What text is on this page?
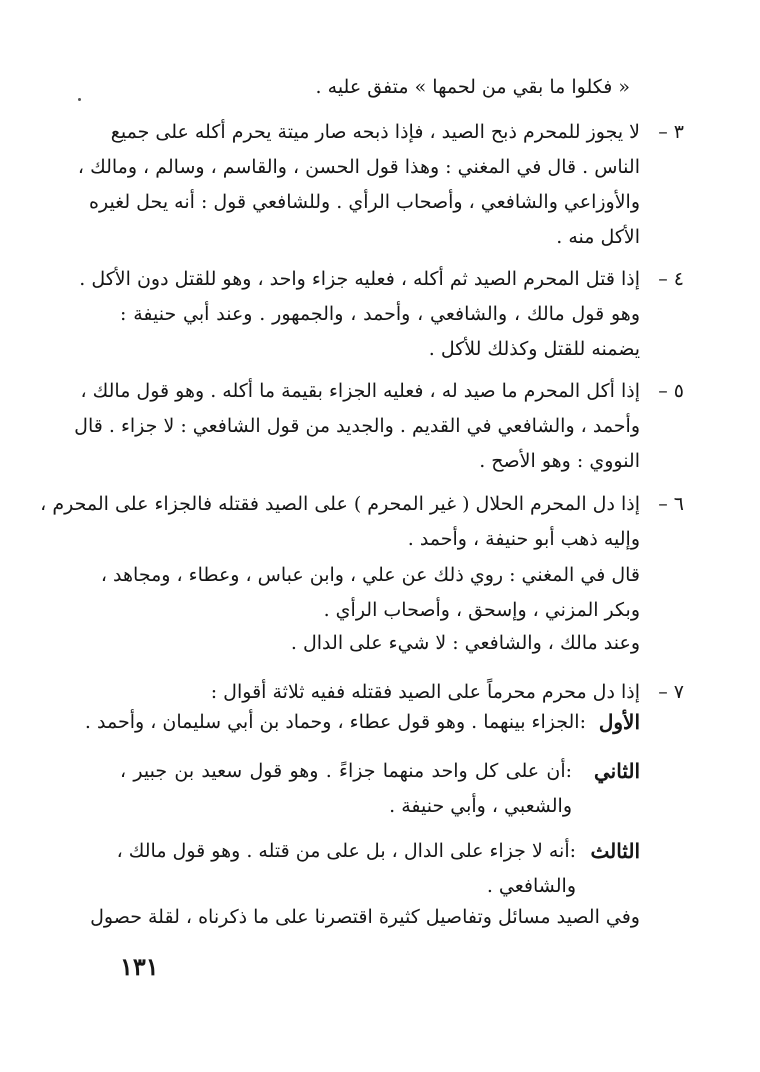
« فكلوا ما بقي من لحمها » متفق عليه .
٣ –
لا يجوز للمحرم ذبح الصيد ، فإذا ذبحه صار ميتة يحرم أكله على جميع
الناس . قال في المغني : وهذا قول الحسن ، والقاسم ، وسالم ، ومالك ،
والأوزاعي والشافعي ، وأصحاب الرأي . وللشافعي قول : أنه يحل لغيره
الأكل منه .
٤ –
إذا قتل المحرم الصيد ثم أكله ، فعليه جزاء واحد ، وهو للقتل دون الأكل .
وهو قول مالك ، والشافعي ، وأحمد ، والجمهور . وعند أبي حنيفة :
يضمنه للقتل وكذلك للأكل .
٥ –
إذا أكل المحرم ما صيد له ، فعليه الجزاء بقيمة ما أكله . وهو قول مالك ،
وأحمد ، والشافعي في القديم . والجديد من قول الشافعي : لا جزاء . قال
النووي : وهو الأصح .
٦ –
إذا دل المحرم الحلال ( غير المحرم ) على الصيد فقتله فالجزاء على المحرم ،
وإليه ذهب أبو حنيفة ، وأحمد .
قال في المغني : روي ذلك عن علي ، وابن عباس ، وعطاء ، ومجاهد ،
وبكر المزني ، وإسحق ، وأصحاب الرأي .
وعند مالك ، والشافعي : لا شيء على الدال .
٧ –
إذا دل محرم محرماً على الصيد فقتله ففيه ثلاثة أقوال :
الأول
:الجزاء بينهما . وهو قول عطاء ، وحماد بن أبي سليمان ، وأحمد .
الثاني
:أن على كل واحد منهما جزاءً . وهو قول سعيد بن جبير ،
والشعبي ، وأبي حنيفة .
الثالث
:أنه لا جزاء على الدال ، بل على من قتله . وهو قول مالك ،
والشافعي .
وفي الصيد مسائل وتفاصيل كثيرة اقتصرنا على ما ذكرناه ، لقلة حصول
١٣١
